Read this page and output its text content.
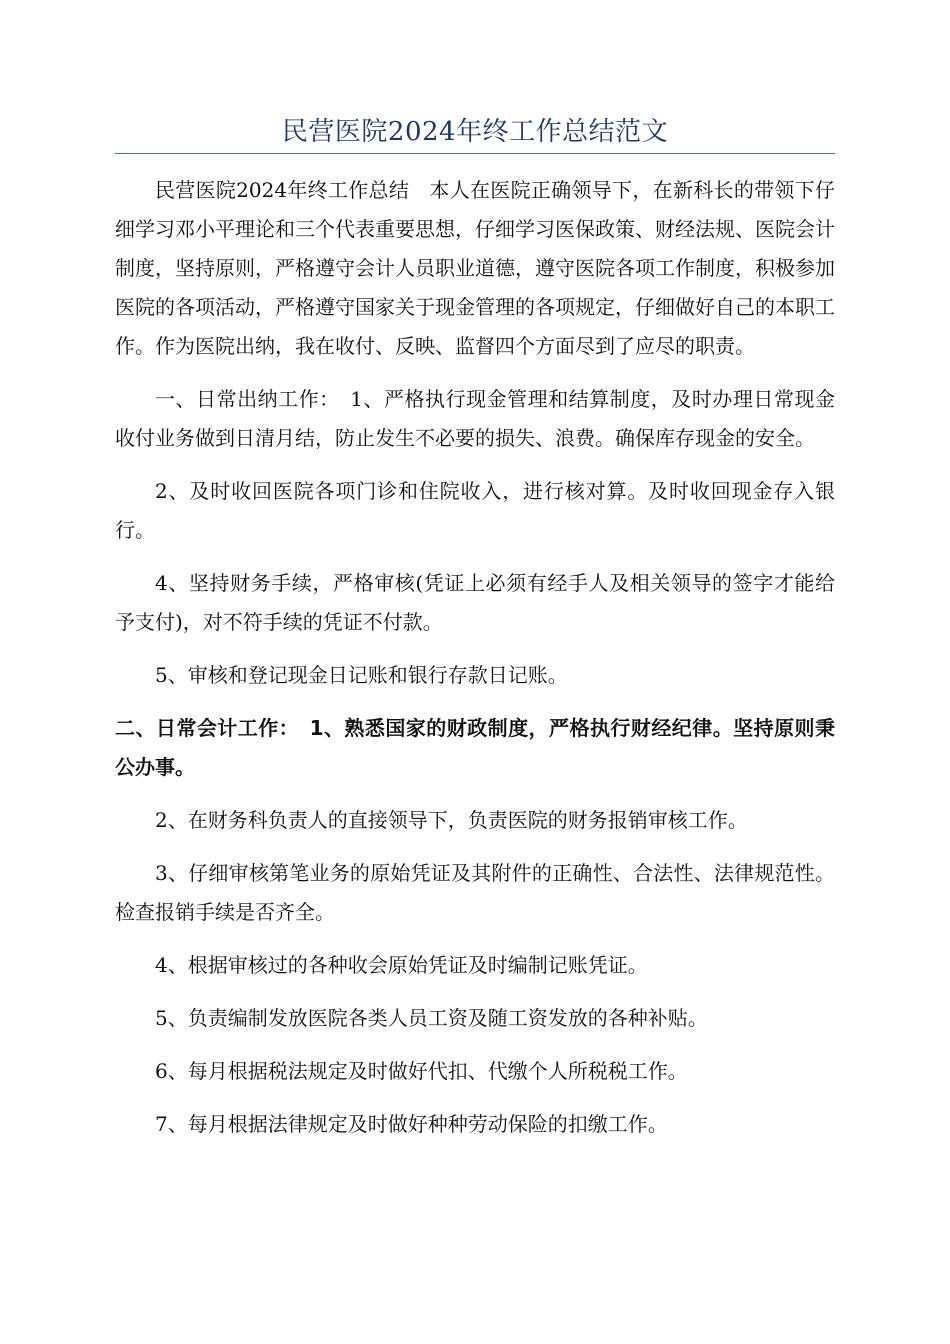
民营医院2024年终工作总结范文

民营医院2024年终工作总结　本人在医院正确领导下，在新科长的带领下仔细学习邓小平理论和三个代表重要思想，仔细学习医保政策、财经法规、医院会计制度，坚持原则，严格遵守会计人员职业道德，遵守医院各项工作制度，积极参加医院的各项活动，严格遵守国家关于现金管理的各项规定，仔细做好自己的本职工作。作为医院出纳，我在收付、反映、监督四个方面尽到了应尽的职责。

一、日常出纳工作：　1、严格执行现金管理和结算制度，及时办理日常现金收付业务做到日清月结，防止发生不必要的损失、浪费。确保库存现金的安全。

2、及时收回医院各项门诊和住院收入，进行核对算。及时收回现金存入银行。

4、坚持财务手续，严格审核(凭证上必须有经手人及相关领导的签字才能给予支付)，对不符手续的凭证不付款。

5、审核和登记现金日记账和银行存款日记账。

二、日常会计工作：　1、熟悉国家的财政制度，严格执行财经纪律。坚持原则秉公办事。

2、在财务科负责人的直接领导下，负责医院的财务报销审核工作。

3、仔细审核第笔业务的原始凭证及其附件的正确性、合法性、法律规范性。检查报销手续是否齐全。

4、根据审核过的各种收会原始凭证及时编制记账凭证。

5、负责编制发放医院各类人员工资及随工资发放的各种补贴。

6、每月根据税法规定及时做好代扣、代缴个人所税税工作。

7、每月根据法律规定及时做好种种劳动保险的扣缴工作。
